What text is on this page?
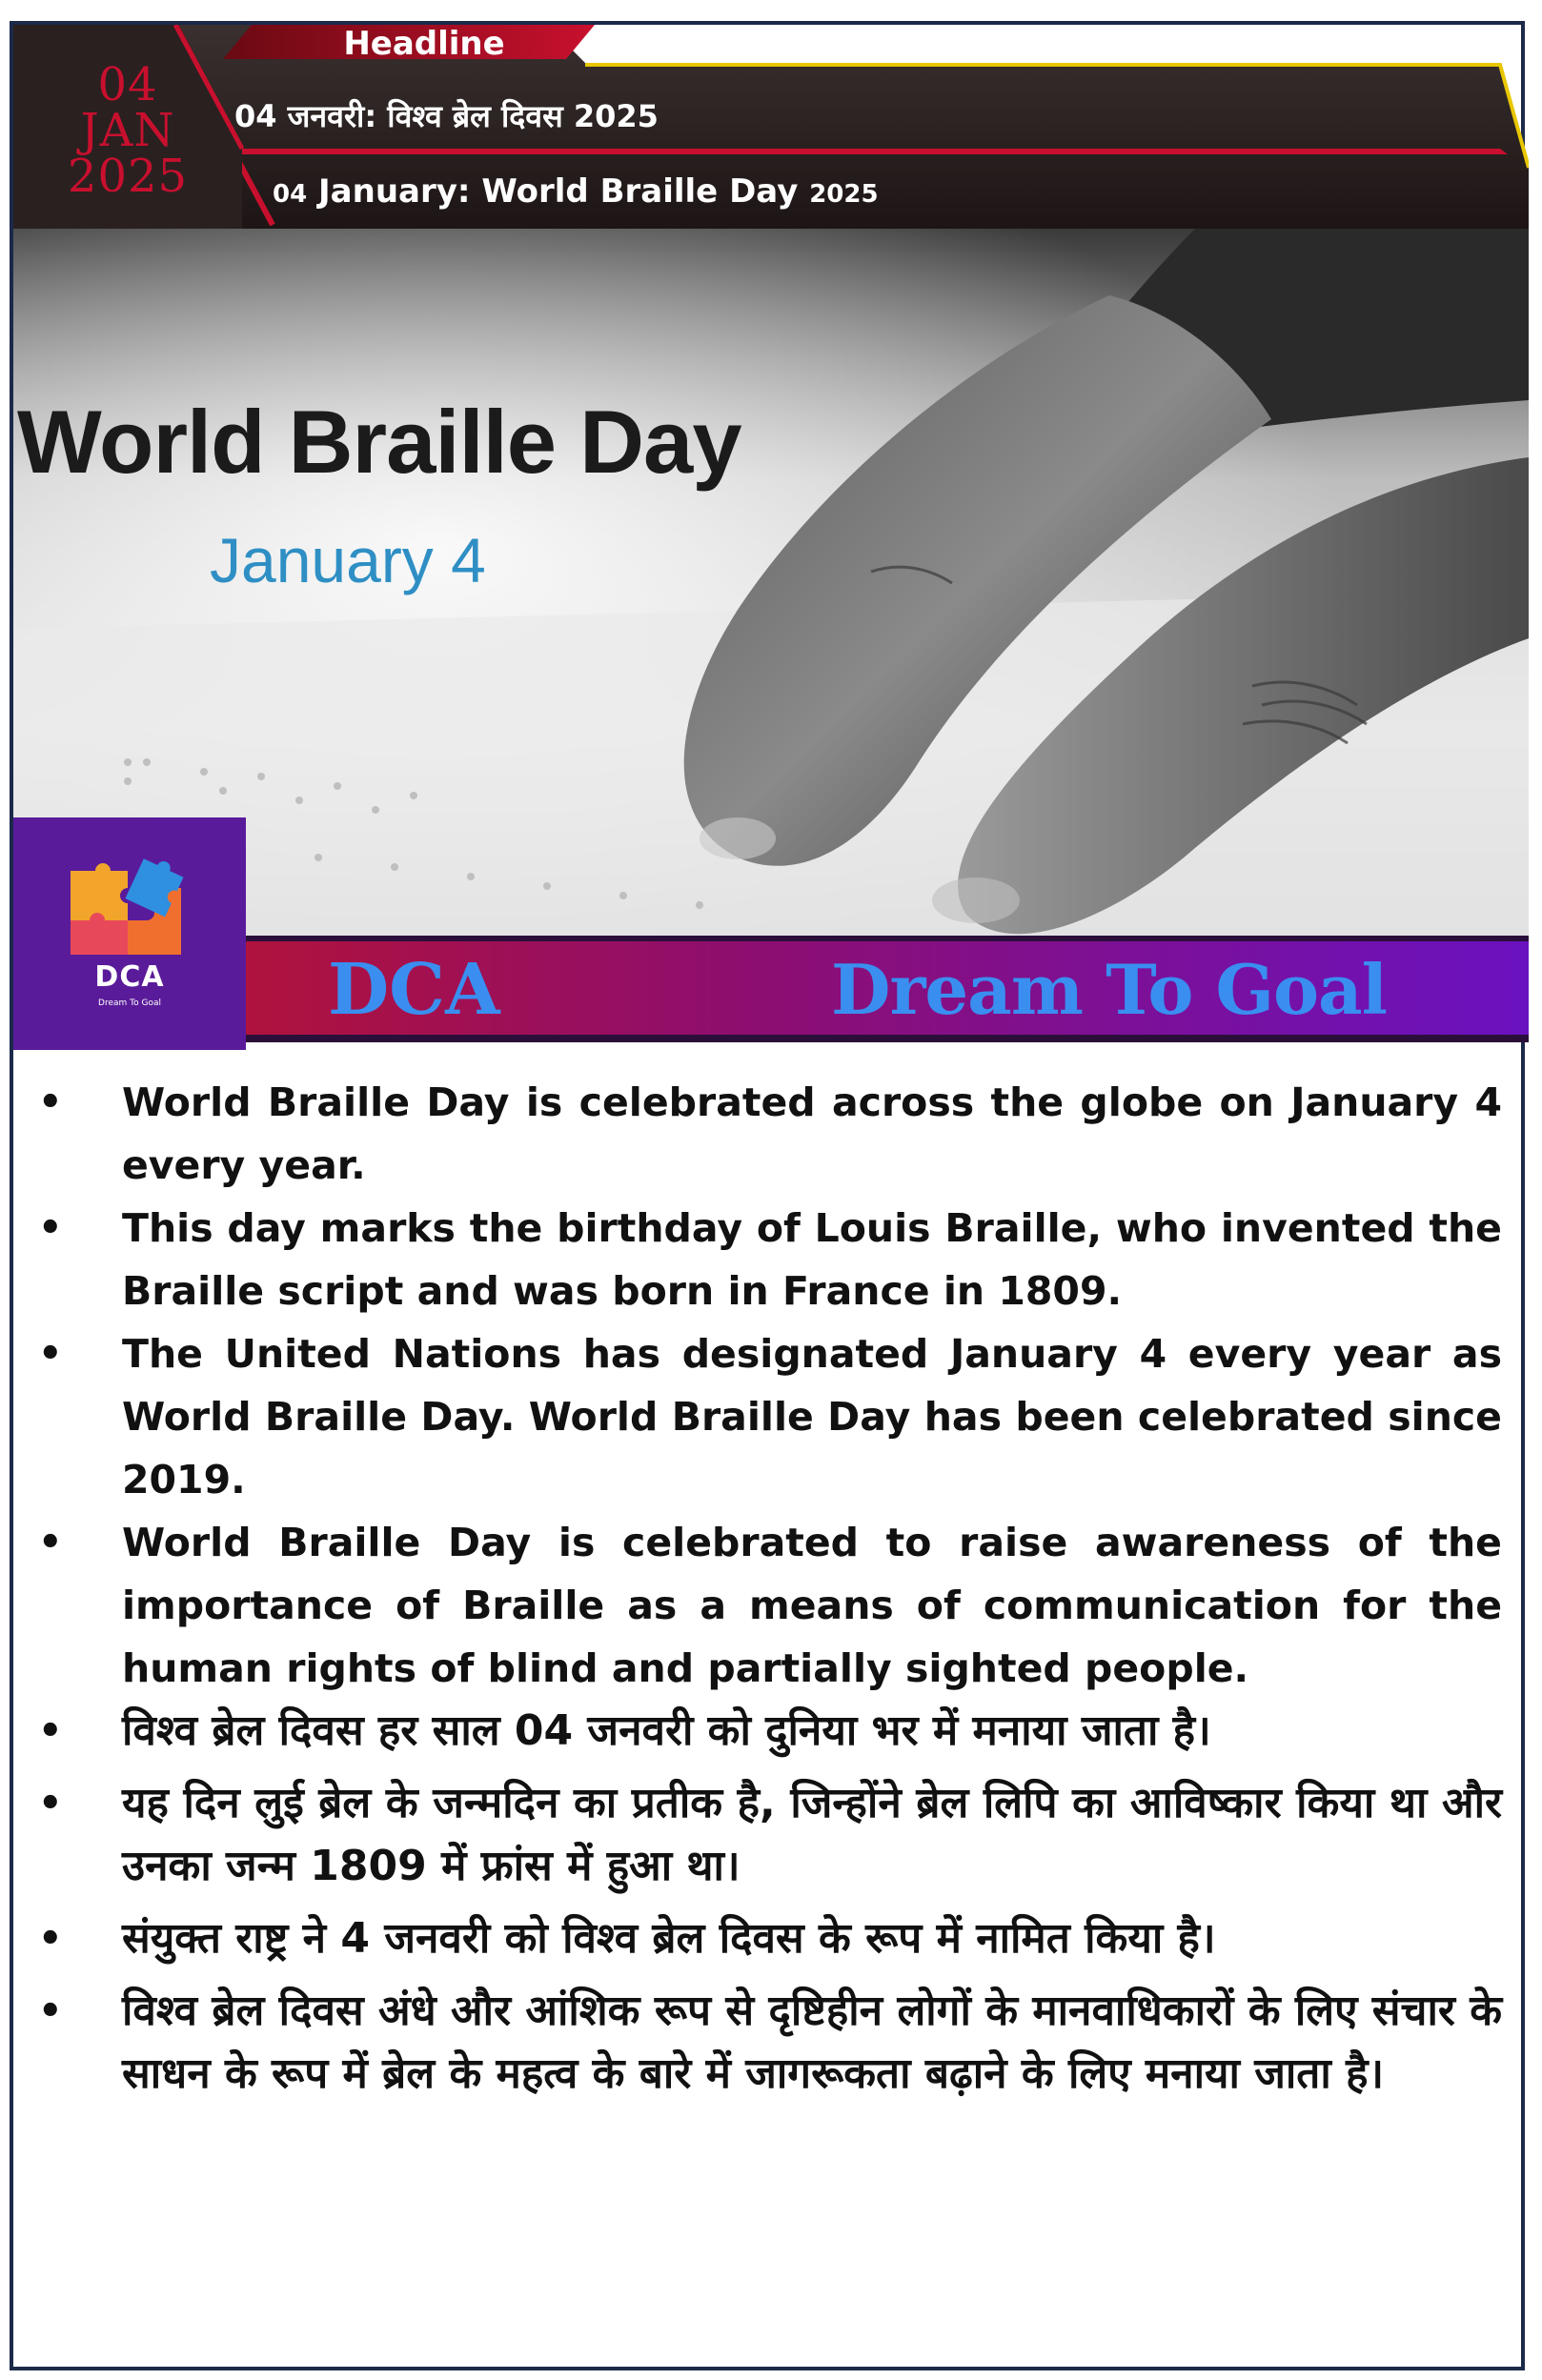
04
JAN
2025
Headline
04 जनवरी: विश्व ब्रेल दिवस 2025
04 January: World Braille Day 2025
World Braille Day
January 4
DCA
Dream To Goal	DCA	Dream To Goal
• World Braille Day is celebrated across the globe on January 4 every year.
• This day marks the birthday of Louis Braille, who invented the Braille script and was born in France in 1809.
• The United Nations has designated January 4 every year as World Braille Day. World Braille Day has been celebrated since 2019.
• World Braille Day is celebrated to raise awareness of the importance of Braille as a means of communication for the human rights of blind and partially sighted people.
• विश्व ब्रेल दिवस हर साल 04 जनवरी को दुनिया भर में मनाया जाता है।
• यह दिन लुई ब्रेल के जन्मदिन का प्रतीक है, जिन्होंने ब्रेल लिपि का आविष्कार किया था और उनका जन्म 1809 में फ्रांस में हुआ था।
• संयुक्त राष्ट्र ने 4 जनवरी को विश्व ब्रेल दिवस के रूप में नामित किया है।
• विश्व ब्रेल दिवस अंधे और आंशिक रूप से दृष्टिहीन लोगों के मानवाधिकारों के लिए संचार के साधन के रूप में ब्रेल के महत्व के बारे में जागरूकता बढ़ाने के लिए मनाया जाता है।
